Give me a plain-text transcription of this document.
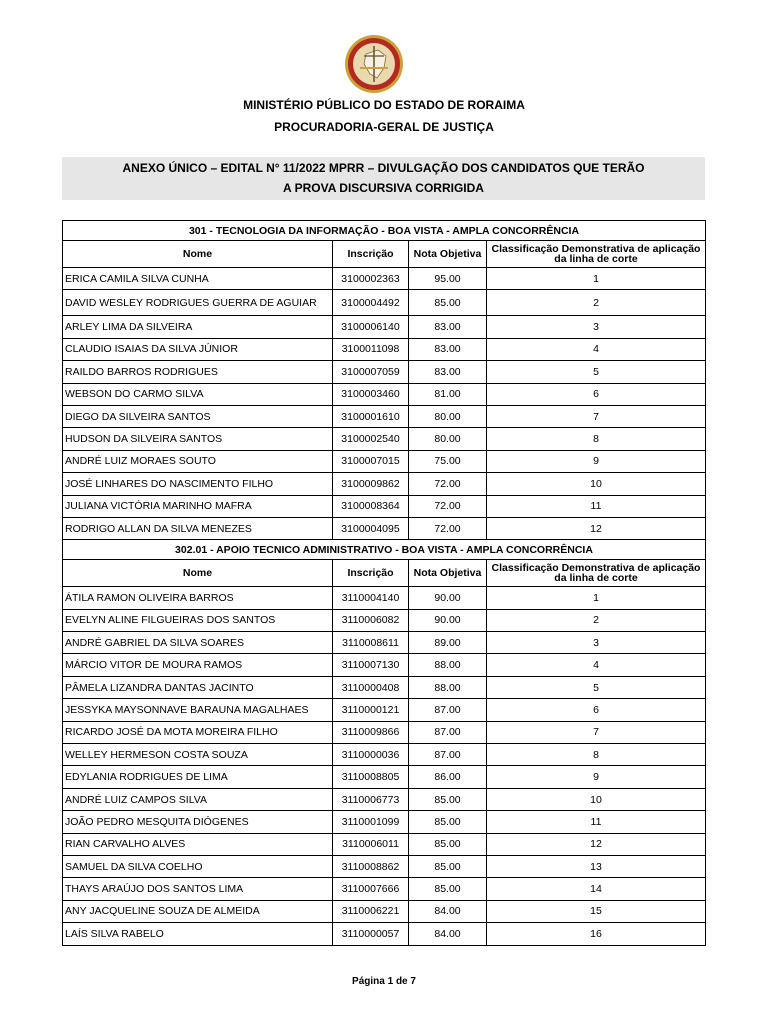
MINISTÉRIO PÚBLICO DO ESTADO DE RORAIMA
PROCURADORIA-GERAL DE JUSTIÇA
ANEXO ÚNICO – EDITAL N° 11/2022 MPRR – DIVULGAÇÃO DOS CANDIDATOS QUE TERÃO
A PROVA DISCURSIVA CORRIGIDA
301 - TECNOLOGIA DA INFORMAÇÃO - BOA VISTA - AMPLA CONCORRÊNCIA			
Nome	Inscrição	Nota Objetiva	Classificação Demonstrativa de aplicação da linha de corte
ERICA CAMILA SILVA CUNHA	3100002363	95.00	1
DAVID WESLEY RODRIGUES GUERRA DE AGUIAR	3100004492	85.00	2
ARLEY LIMA DA SILVEIRA	3100006140	83.00	3
CLAUDIO ISAIAS DA SILVA JÚNIOR	3100011098	83.00	4
RAILDO BARROS RODRIGUES	3100007059	83.00	5
WEBSON DO CARMO SILVA	3100003460	81.00	6
DIEGO DA SILVEIRA SANTOS	3100001610	80.00	7
HUDSON DA SILVEIRA SANTOS	3100002540	80.00	8
ANDRÉ LUIZ MORAES SOUTO	3100007015	75.00	9
JOSÉ LINHARES DO NASCIMENTO FILHO	3100009862	72.00	10
JULIANA VICTÓRIA MARINHO MAFRA	3100008364	72.00	11
RODRIGO ALLAN DA SILVA MENEZES	3100004095	72.00	12
302.01 - APOIO TECNICO ADMINISTRATIVO - BOA VISTA - AMPLA CONCORRÊNCIA			
Nome	Inscrição	Nota Objetiva	Classificação Demonstrativa de aplicação da linha de corte
ÁTILA RAMON OLIVEIRA BARROS	3110004140	90.00	1
EVELYN ALINE FILGUEIRAS DOS SANTOS	3110006082	90.00	2
ANDRÉ GABRIEL DA SILVA SOARES	3110008611	89.00	3
MÁRCIO VITOR DE MOURA RAMOS	3110007130	88.00	4
PÂMELA LIZANDRA DANTAS JACINTO	3110000408	88.00	5
JESSYKA MAYSONNAVE BARAUNA MAGALHAES	3110000121	87.00	6
RICARDO JOSÉ DA MOTA MOREIRA FILHO	3110009866	87.00	7
WELLEY HERMESON COSTA SOUZA	3110000036	87.00	8
EDYLANIA RODRIGUES DE LIMA	3110008805	86.00	9
ANDRÉ LUIZ CAMPOS SILVA	3110006773	85.00	10
JOÃO PEDRO MESQUITA DIÓGENES	3110001099	85.00	11
RIAN CARVALHO ALVES	3110006011	85.00	12
SAMUEL DA SILVA COELHO	3110008862	85.00	13
THAYS ARAÚJO DOS SANTOS LIMA	3110007666	85.00	14
ANY JACQUELINE SOUZA DE ALMEIDA	3110006221	84.00	15
LAÍS SILVA RABELO	3110000057	84.00	16
Página 1 de 7
